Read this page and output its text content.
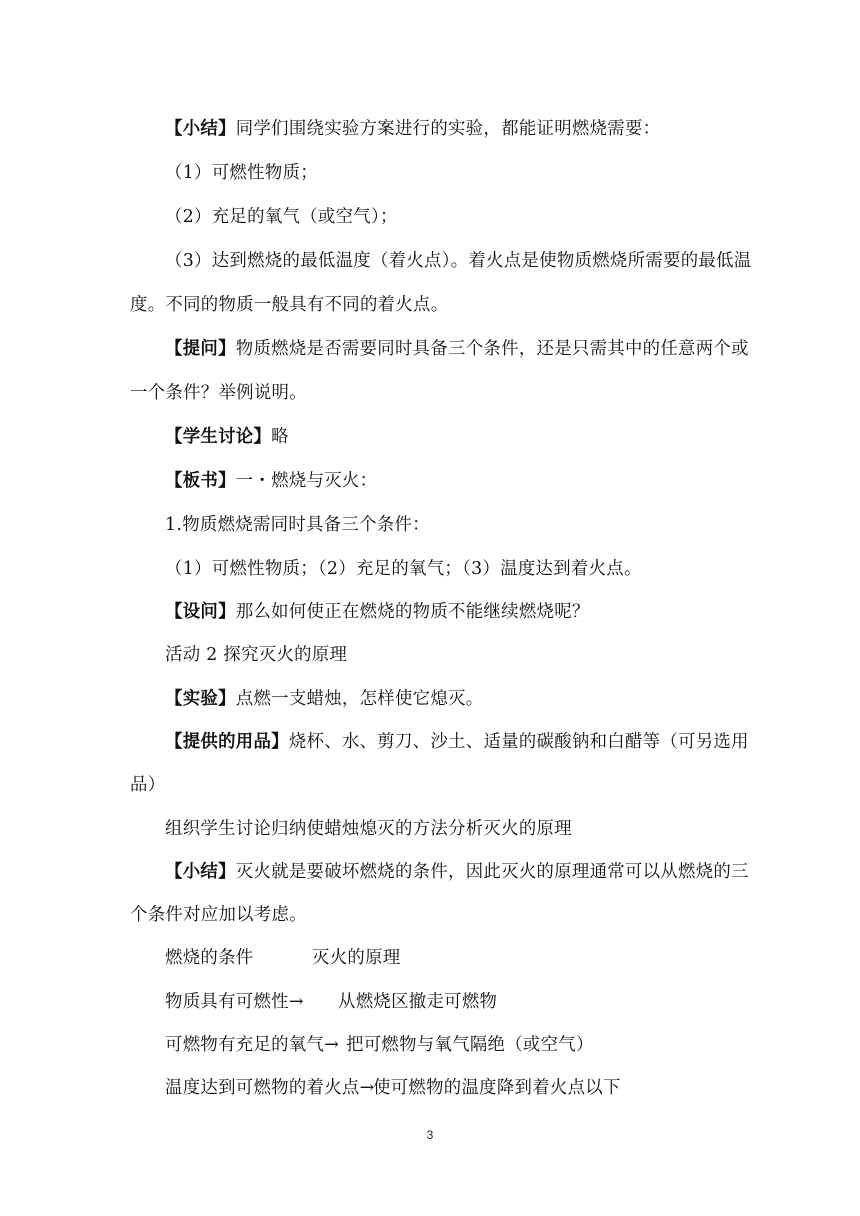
【小结】同学们围绕实验方案进行的实验，都能证明燃烧需要：
（1）可燃性物质；
（2）充足的氧气（或空气）；
（3）达到燃烧的最低温度（着火点）。着火点是使物质燃烧所需要的最低温
度。不同的物质一般具有不同的着火点。
【提问】物质燃烧是否需要同时具备三个条件，还是只需其中的任意两个或
一个条件？举例说明。
【学生讨论】略
【板书】一・燃烧与灭火：
1.物质燃烧需同时具备三个条件：
（1）可燃性物质；（2）充足的氧气；（3）温度达到着火点。
【设问】那么如何使正在燃烧的物质不能继续燃烧呢？
活动 2 探究灭火的原理
【实验】点燃一支蜡烛，怎样使它熄灭。
【提供的用品】烧杯、水、剪刀、沙土、适量的碳酸钠和白醋等（可另选用
品）
组织学生讨论归纳使蜡烛熄灭的方法分析灭火的原理
【小结】灭火就是要破坏燃烧的条件，因此灭火的原理通常可以从燃烧的三
个条件对应加以考虑。
燃烧的条件	灭火的原理
物质具有可燃性→ 从燃烧区撤走可燃物
可燃物有充足的氧气→ 把可燃物与氧气隔绝（或空气）
温度达到可燃物的着火点→
使可燃物的温度降到着火点以下
3
